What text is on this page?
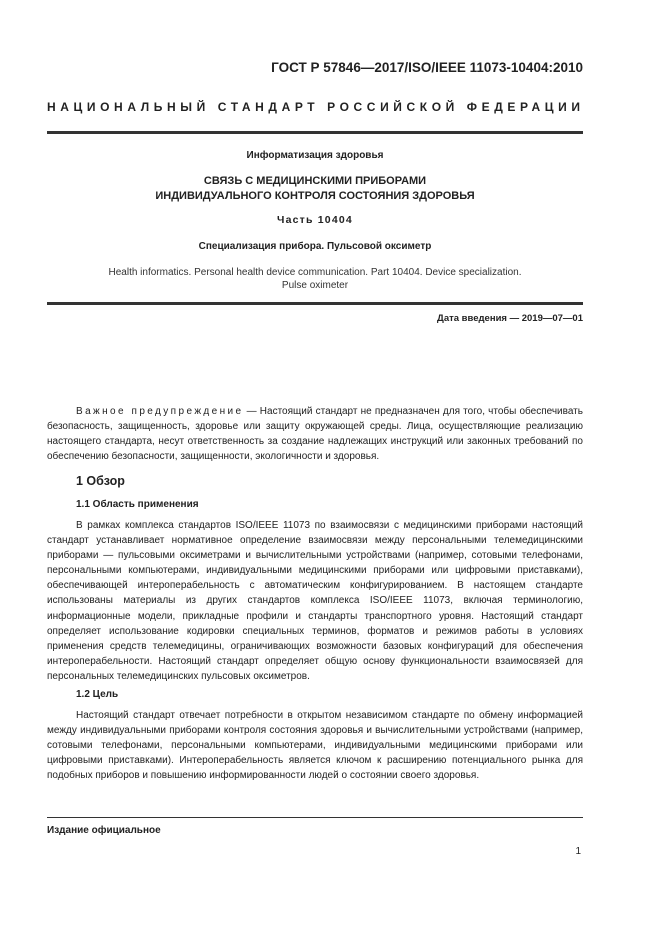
ГОСТ Р 57846—2017/ISO/IEEE 11073-10404:2010
НАЦИОНАЛЬНЫЙ СТАНДАРТ РОССИЙСКОЙ ФЕДЕРАЦИИ
Информатизация здоровья
СВЯЗЬ С МЕДИЦИНСКИМИ ПРИБОРАМИ
ИНДИВИДУАЛЬНОГО КОНТРОЛЯ СОСТОЯНИЯ ЗДОРОВЬЯ
Часть 10404
Специализация прибора. Пульсовой оксиметр
Health informatics. Personal health device communication. Part 10404. Device specialization.
Pulse oximeter
Дата введения — 2019—07—01

Важное предупреждение — Настоящий стандарт не предназначен для того, чтобы обеспечивать безопасность, защищенность, здоровье или защиту окружающей среды. Лица, осуществляющие реализацию настоящего стандарта, несут ответственность за создание надлежащих инструкций или законных требований по обеспечению безопасности, защищенности, экологичности и здоровья.

1 Обзор
1.1 Область применения

В рамках комплекса стандартов ISO/IEEE 11073 по взаимосвязи с медицинскими приборами настоящий стандарт устанавливает нормативное определение взаимосвязи между персональными телемедицинскими приборами — пульсовыми оксиметрами и вычислительными устройствами (например, сотовыми телефонами, персональными компьютерами, индивидуальными медицинскими приборами или цифровыми приставками), обеспечивающей интероперабельность с автоматическим конфигурированием. В настоящем стандарте использованы материалы из других стандартов комплекса ISO/IEEE 11073, включая терминологию, информационные модели, прикладные профили и стандарты транспортного уровня. Настоящий стандарт определяет использование кодировки специальных терминов, форматов и режимов работы в условиях применения средств телемедицины, ограничивающих возможности базовых конфигураций для обеспечения интероперабельности. Настоящий стандарт определяет общую основу функциональности взаимосвязей для персональных телемедицинских пульсовых оксиметров.

1.2 Цель

Настоящий стандарт отвечает потребности в открытом независимом стандарте по обмену информацией между индивидуальными приборами контроля состояния здоровья и вычислительными устройствами (например, сотовыми телефонами, персональными компьютерами, индивидуальными медицинскими приборами или цифровыми приставками). Интероперабельность является ключом к расширению потенциального рынка для подобных приборов и повышению информированности людей о состоянии своего здоровья.

Издание официальное
1
